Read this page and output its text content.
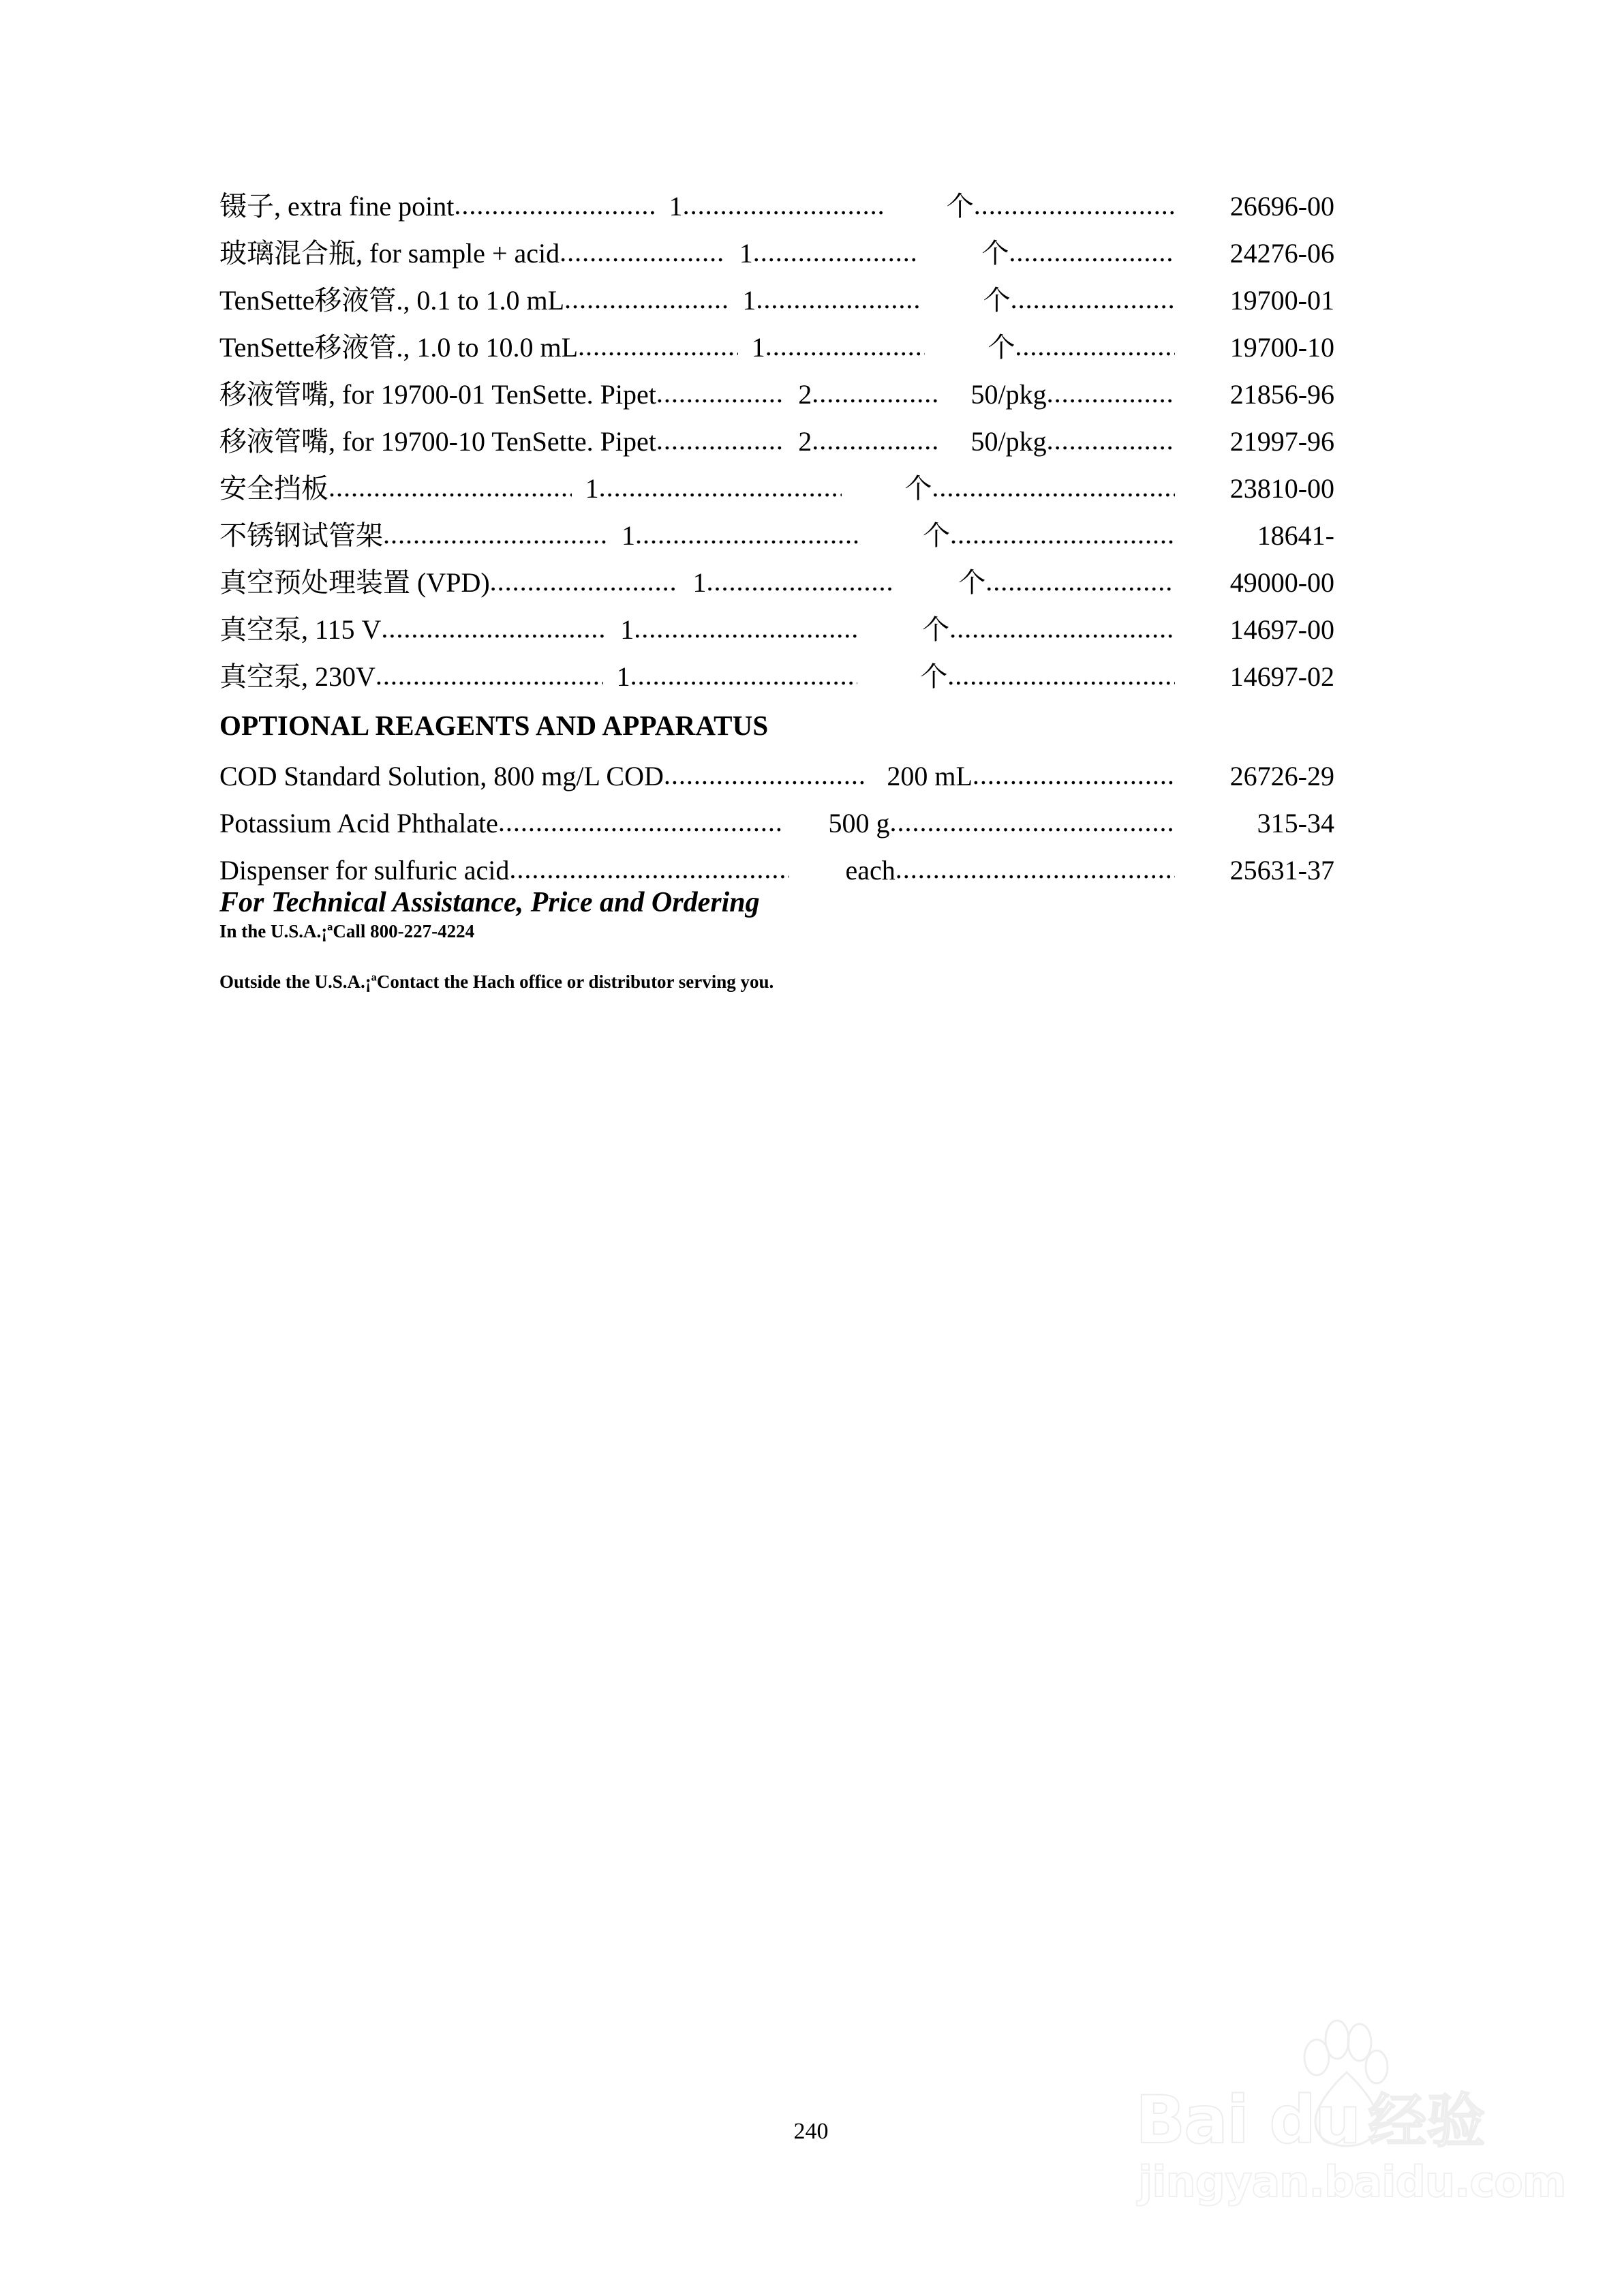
镊子, extra fine point .....	1 .....	个 .....	26696-00
玻璃混合瓶, for sample + acid .....	1 .....	个 .....	24276-06
TenSette移液管., 0.1 to 1.0 mL .....	1 .....	个 .....	19700-01
TenSette移液管., 1.0 to 10.0 mL .....	1 .....	个 .....	19700-10
移液管嘴, for 19700-01 TenSette. Pipet .....	2 .....	50/pkg .....	21856-96
移液管嘴, for 19700-10 TenSette. Pipet .....	2 .....	50/pkg .....	21997-96
安全挡板 .....	1 .....	个 .....	23810-00
不锈钢试管架 .....	1 .....	个 .....	18641-
真空预处理装置 (VPD) .....	1 .....	个 .....	49000-00
真空泵, 115 V .....	1 .....	个 .....	14697-00
真空泵, 230V .....	1 .....	个 .....	14697-02
OPTIONAL REAGENTS AND APPARATUS
COD Standard Solution, 800 mg/L COD .....	200 mL .....	26726-29
Potassium Acid Phthalate .....	500 g .....	315-34
Dispenser for sulfuric acid .....	each .....	25631-37
For Technical Assistance, Price and Ordering
In the U.S.A.¡ªCall 800-227-4224
Outside the U.S.A.¡ªContact the Hach office or distributor serving you.
240	Bai du 经验
jingyan.baidu.com
